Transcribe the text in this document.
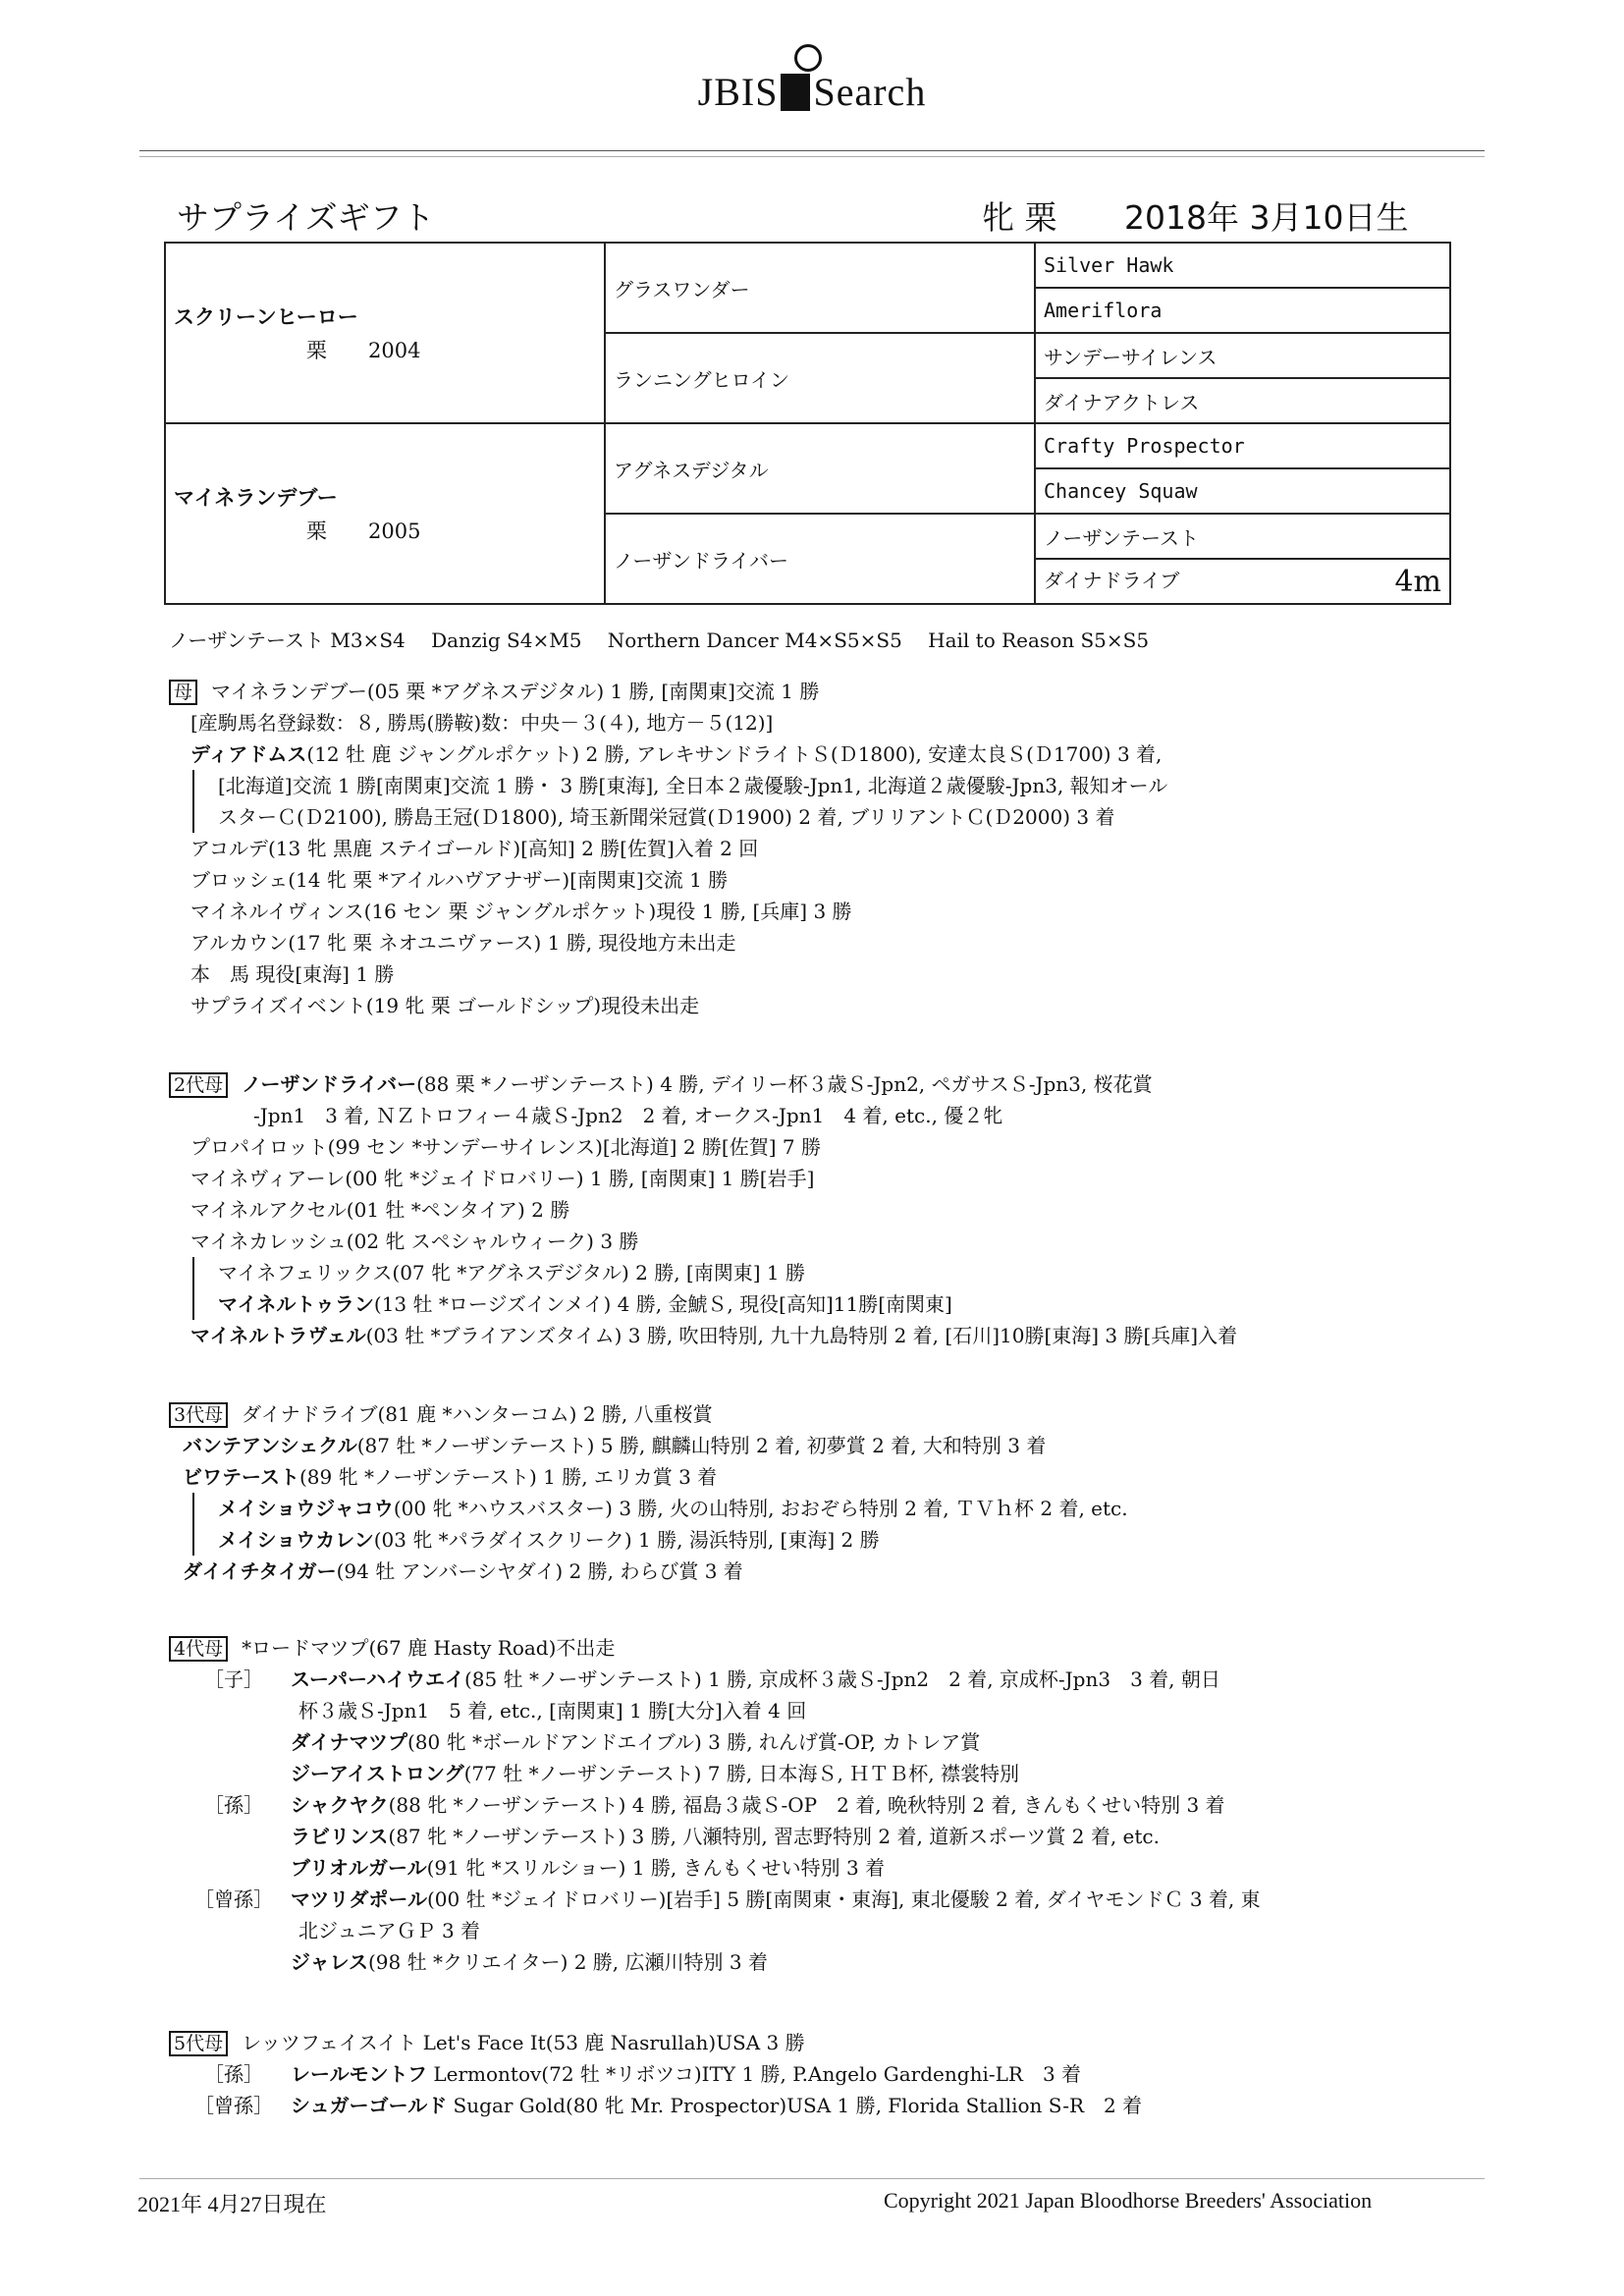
JBIS Search
サプライズギフト	牝 栗 2018年 3月10日生
スクリーンヒーロー
栗　　2004	グラスワンダー	Silver Hawk
		Ameriflora
	ランニングヒロイン	サンデーサイレンス
		ダイナアクトレス
マイネランデブー
栗　　2005	アグネスデジタル	Crafty Prospector
		Chancey Squaw
	ノーザンドライバー	ノーザンテースト
		ダイナドライブ 4m
ノーザンテースト M3×S4　 Danzig S4×M5　 Northern Dancer M4×S5×S5　 Hail to Reason S5×S5
母 マイネランデブー(05 栗 *アグネスデジタル) 1 勝, [南関東]交流 1 勝
[産駒馬名登録数：８, 勝馬(勝鞍)数：中央－３(４), 地方－５(12)]
ディアドムス(12 牡 鹿 ジャングルポケット) 2 勝, アレキサンドライトＳ(Ｄ1800), 安達太良Ｓ(Ｄ1700) 3 着,
[北海道]交流 1 勝[南関東]交流 1 勝・ 3 勝[東海], 全日本２歳優駿-Jpn1, 北海道２歳優駿-Jpn3, 報知オール
スターＣ(Ｄ2100), 勝島王冠(Ｄ1800), 埼玉新聞栄冠賞(Ｄ1900) 2 着, ブリリアントＣ(Ｄ2000) 3 着
アコルデ(13 牝 黒鹿 ステイゴールド)[高知] 2 勝[佐賀]入着 2 回
ブロッシェ(14 牝 栗 *アイルハヴアナザー)[南関東]交流 1 勝
マイネルイヴィンス(16 セン 栗 ジャングルポケット)現役 1 勝, [兵庫] 3 勝
アルカウン(17 牝 栗 ネオユニヴァース) 1 勝, 現役地方未出走
本　馬 現役[東海] 1 勝
サプライズイベント(19 牝 栗 ゴールドシップ)現役未出走
2代母 ノーザンドライバー(88 栗 *ノーザンテースト) 4 勝, デイリー杯３歳Ｓ-Jpn2, ペガサスＳ-Jpn3, 桜花賞
-Jpn1　3 着, ＮＺトロフィー４歳Ｓ-Jpn2　2 着, オークス-Jpn1　4 着, etc., 優２牝
プロパイロット(99 セン *サンデーサイレンス)[北海道] 2 勝[佐賀] 7 勝
マイネヴィアーレ(00 牝 *ジェイドロバリー) 1 勝, [南関東] 1 勝[岩手]
マイネルアクセル(01 牡 *ペンタイア) 2 勝
マイネカレッシュ(02 牝 スペシャルウィーク) 3 勝
マイネフェリックス(07 牝 *アグネスデジタル) 2 勝, [南関東] 1 勝
マイネルトゥラン(13 牡 *ロージズインメイ) 4 勝, 金鯱Ｓ, 現役[高知]11勝[南関東]
マイネルトラヴェル(03 牡 *ブライアンズタイム) 3 勝, 吹田特別, 九十九島特別 2 着, [石川]10勝[東海] 3 勝[兵庫]入着
3代母 ダイナドライブ(81 鹿 *ハンターコム) 2 勝, 八重桜賞
バンテアンシェクル(87 牡 *ノーザンテースト) 5 勝, 麒麟山特別 2 着, 初夢賞 2 着, 大和特別 3 着
ビワテースト(89 牝 *ノーザンテースト) 1 勝, エリカ賞 3 着
メイショウジャコウ(00 牝 *ハウスバスター) 3 勝, 火の山特別, おおぞら特別 2 着, ＴＶｈ杯 2 着, etc.
メイショウカレン(03 牝 *パラダイスクリーク) 1 勝, 湯浜特別, [東海] 2 勝
ダイイチタイガー(94 牡 アンバーシヤダイ) 2 勝, わらび賞 3 着
4代母 *ロードマツプ(67 鹿 Hasty Road)不出走
［子］ スーパーハイウエイ(85 牡 *ノーザンテースト) 1 勝, 京成杯３歳Ｓ-Jpn2　2 着, 京成杯-Jpn3　3 着, 朝日
杯３歳Ｓ-Jpn1　5 着, etc., [南関東] 1 勝[大分]入着 4 回
ダイナマツプ(80 牝 *ボールドアンドエイブル) 3 勝, れんげ賞-OP, カトレア賞
ジーアイストロング(77 牡 *ノーザンテースト) 7 勝, 日本海Ｓ, ＨＴＢ杯, 襟裳特別
［孫］ シャクヤク(88 牝 *ノーザンテースト) 4 勝, 福島３歳Ｓ-OP　2 着, 晩秋特別 2 着, きんもくせい特別 3 着
ラビリンス(87 牝 *ノーザンテースト) 3 勝, 八瀬特別, 習志野特別 2 着, 道新スポーツ賞 2 着, etc.
ブリオルガール(91 牝 *スリルショー) 1 勝, きんもくせい特別 3 着
［曾孫］ マツリダポール(00 牡 *ジェイドロバリー)[岩手] 5 勝[南関東・東海], 東北優駿 2 着, ダイヤモンドＣ 3 着, 東
北ジュニアＧＰ 3 着
ジャレス(98 牡 *クリエイター) 2 勝, 広瀬川特別 3 着
5代母 レッツフェイスイト Let's Face It(53 鹿 Nasrullah)USA 3 勝
［孫］ レールモントフ Lermontov(72 牡 *リボツコ)ITY 1 勝, P.Angelo Gardenghi-LR　3 着
［曾孫］ シュガーゴールド Sugar Gold(80 牝 Mr. Prospector)USA 1 勝, Florida Stallion S-R　2 着
2021年 4月27日現在	Copyright 2021 Japan Bloodhorse Breeders' Association
